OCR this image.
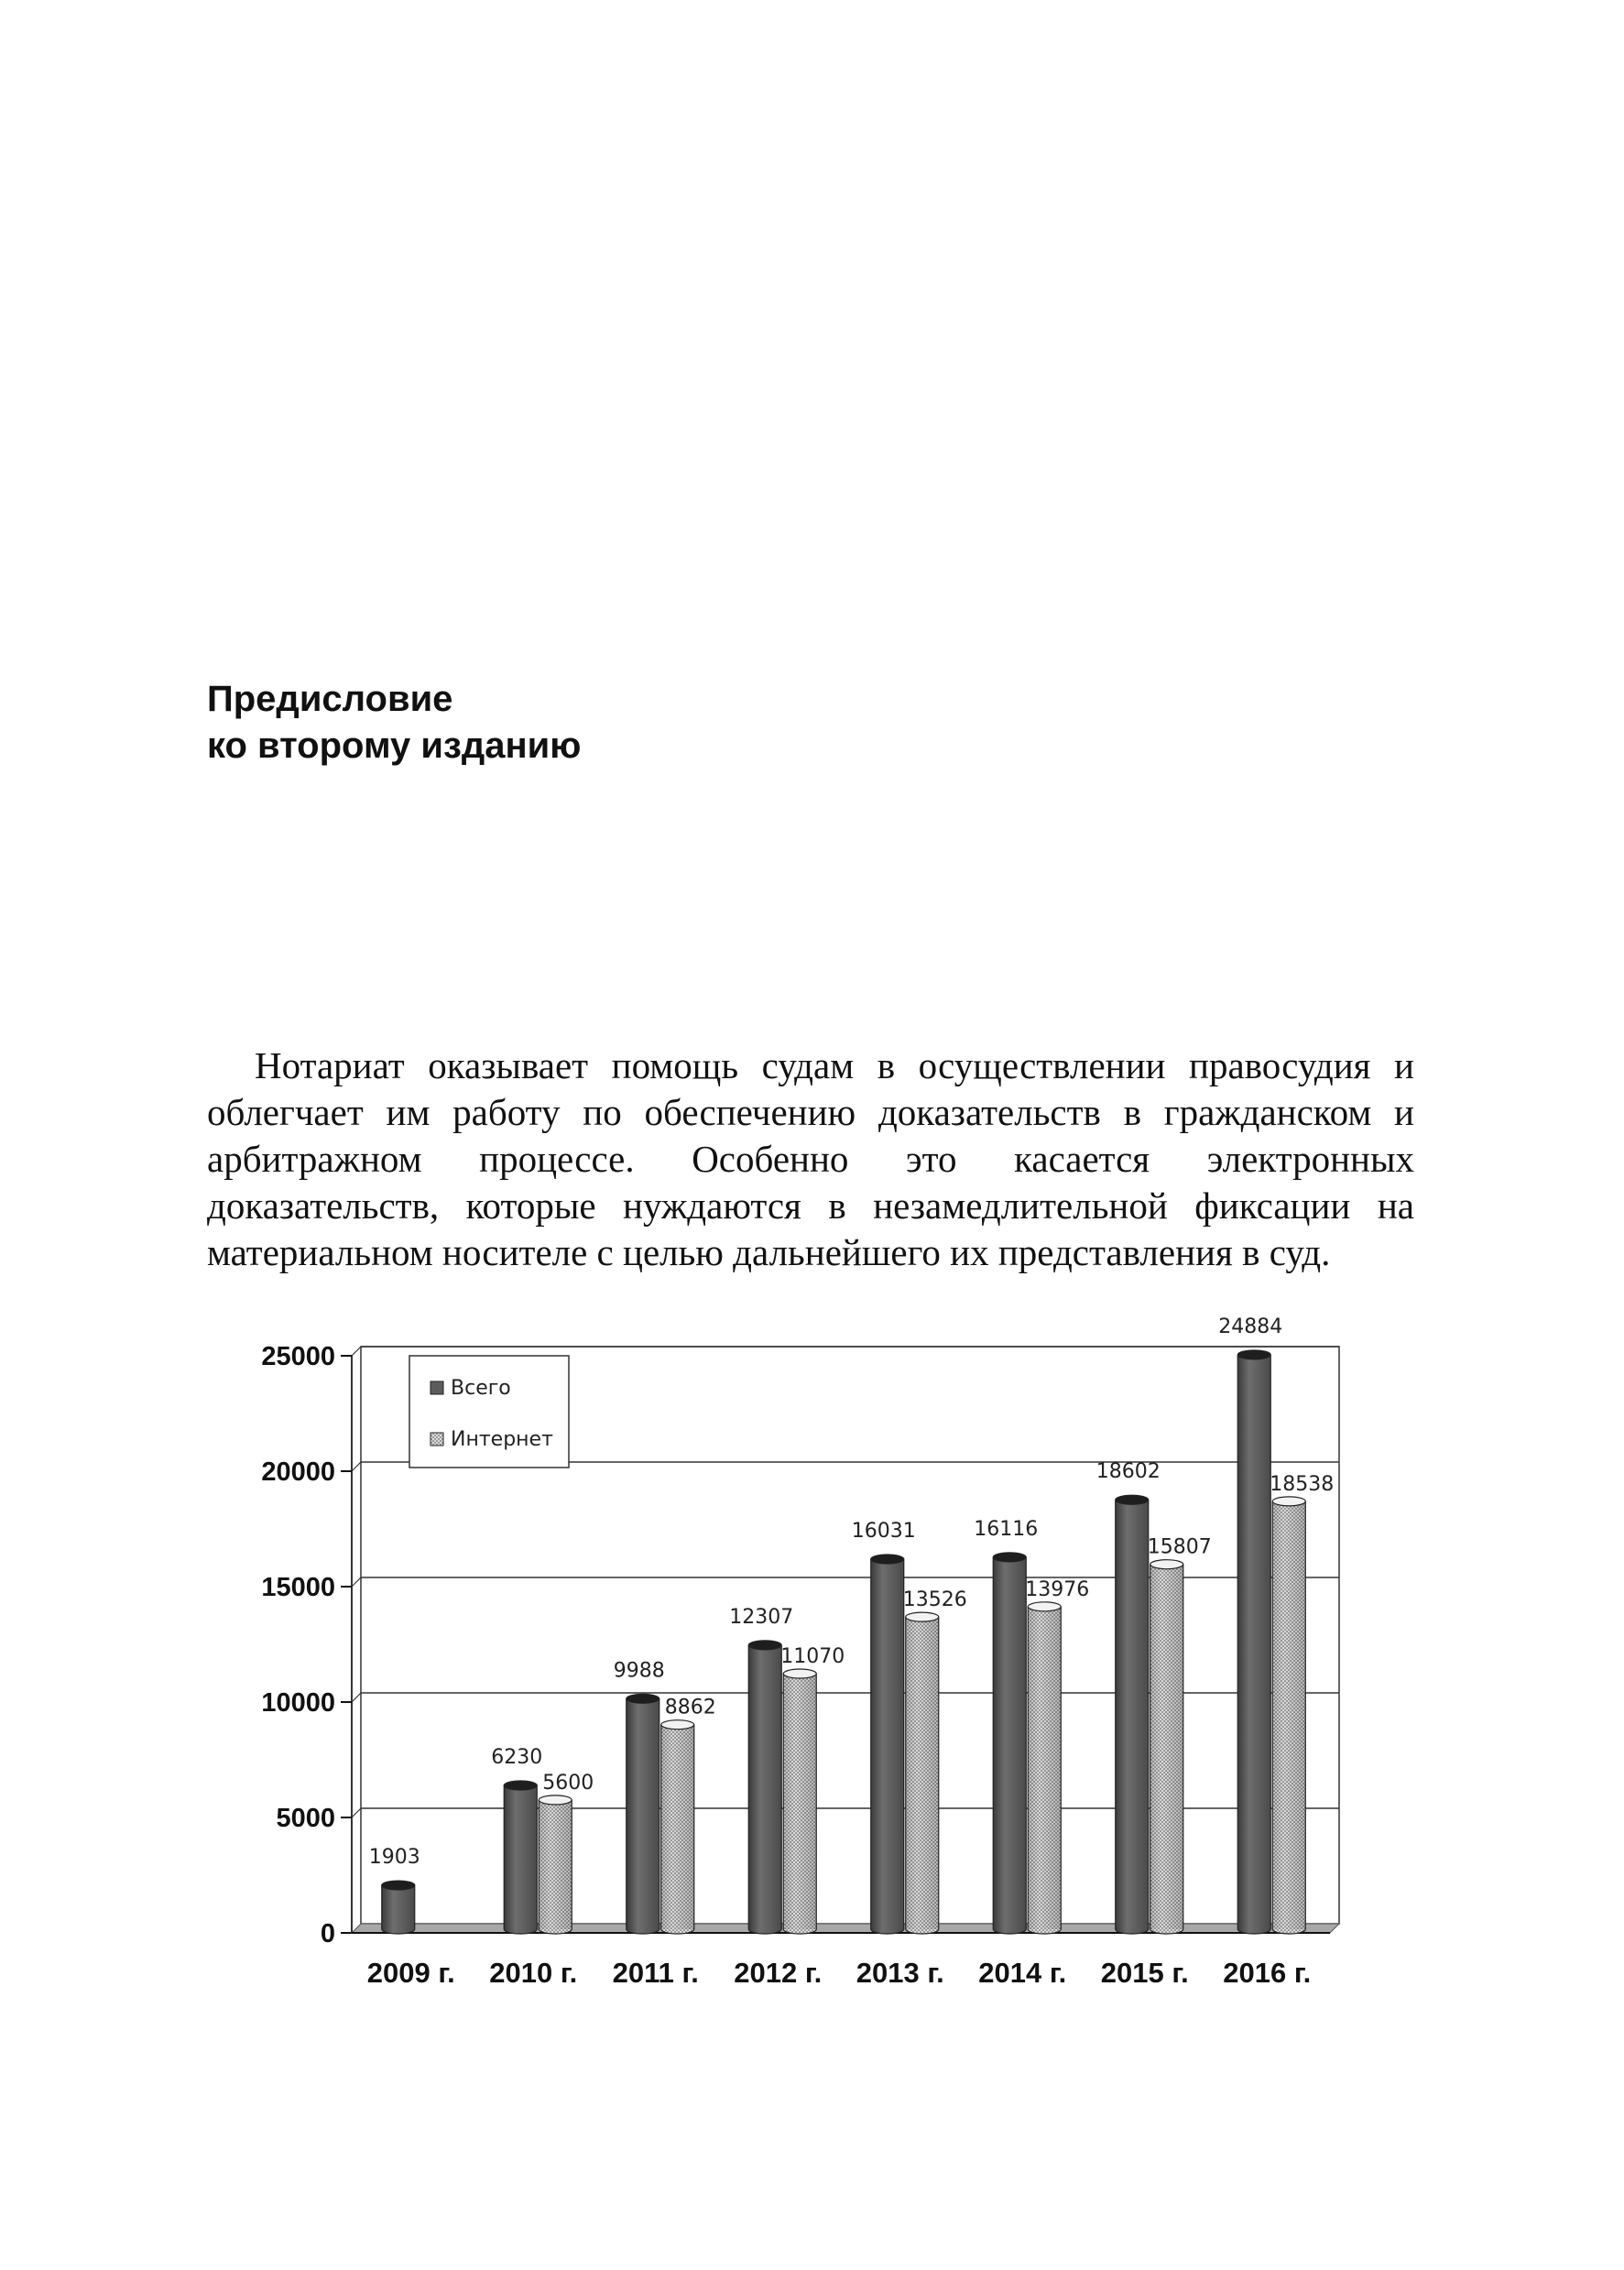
Предисловие
ко второму изданию

Нотариат оказывает помощь судам в осуществлении правосудия и облегчает им работу по обеспечению доказательств в гражданском и арбитражном процессе. Особенно это касается электронных доказательств, которые нуждаются в незамедлительной фиксации на материальном носителе с целью дальнейшего их представления в суд.

0
5000
10000
15000
20000
25000
1903
2009 г.
6230
5600
2010 г.
9988
8862
2011 г.
12307
11070
2012 г.
16031
13526
2013 г.
16116
13976
2014 г.
18602
15807
2015 г.
24884
18538
2016 г.
Всего
Интернет
